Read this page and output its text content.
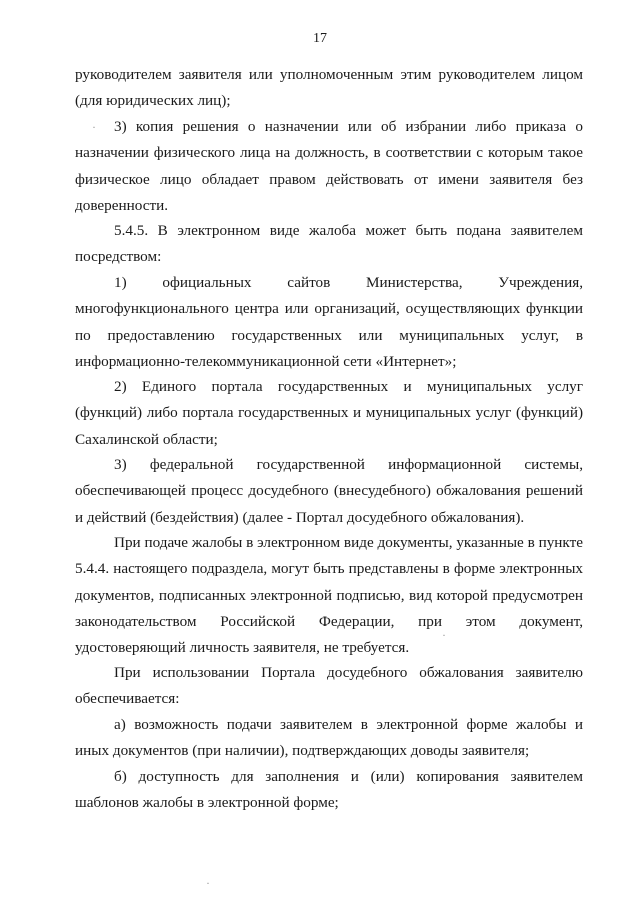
17
руководителем заявителя или уполномоченным этим руководителем лицом (для юридических лиц);
3) копия решения о назначении или об избрании либо приказа о назначении физического лица на должность, в соответствии с которым такое физическое лицо обладает правом действовать от имени заявителя без доверенности.
5.4.5. В электронном виде жалоба может быть подана заявителем посредством:
1) официальных сайтов Министерства, Учреждения, многофункционального центра или организаций, осуществляющих функции по предоставлению государственных или муниципальных услуг, в информационно-телекоммуникационной сети «Интернет»;
2) Единого портала государственных и муниципальных услуг (функций) либо портала государственных и муниципальных услуг (функций) Сахалинской области;
3) федеральной государственной информационной системы, обеспечивающей процесс досудебного (внесудебного) обжалования решений и действий (бездействия) (далее - Портал досудебного обжалования).
При подаче жалобы в электронном виде документы, указанные в пункте 5.4.4. настоящего подраздела, могут быть представлены в форме электронных документов, подписанных электронной подписью, вид которой предусмотрен законодательством Российской Федерации, при этом документ, удостоверяющий личность заявителя, не требуется.
При использовании Портала досудебного обжалования заявителю обеспечивается:
а) возможность подачи заявителем в электронной форме жалобы и иных документов (при наличии), подтверждающих доводы заявителя;
б) доступность для заполнения и (или) копирования заявителем шаблонов жалобы в электронной форме;
·
·
·
